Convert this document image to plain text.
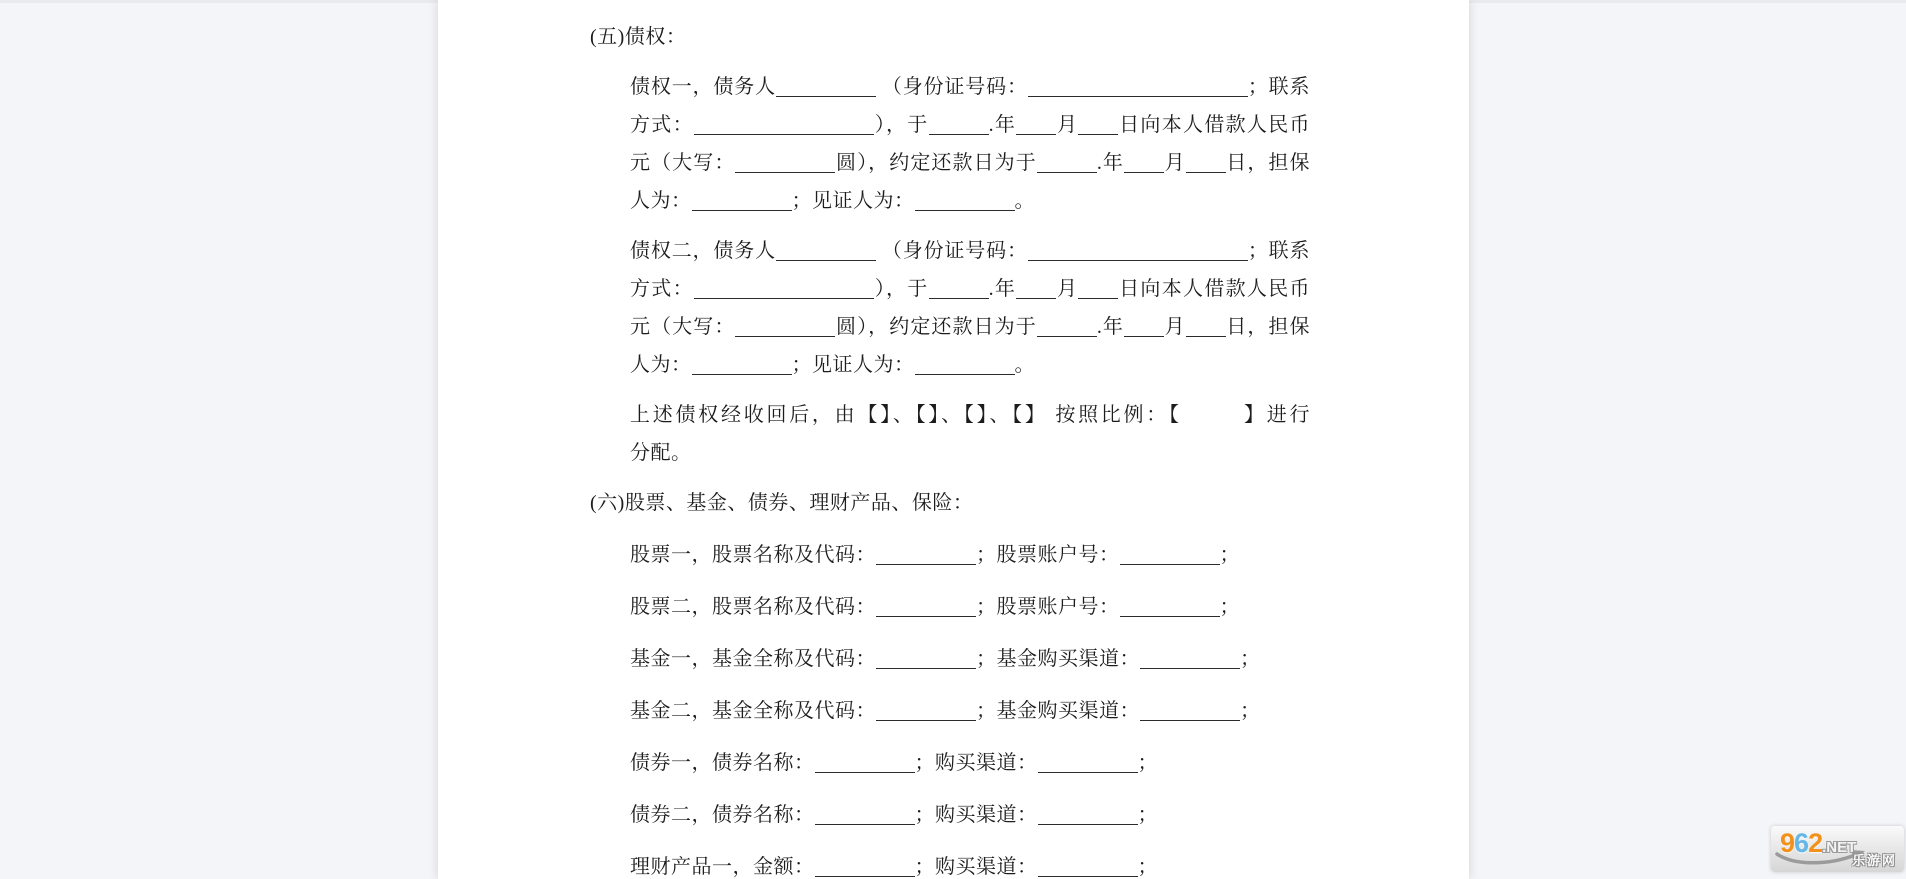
(五)债权：
债权一，债务人	（身份证号码：	；联系
方式：	），于	.年 月 日向本人借款人民币
元（大写：	圆），约定还款日为于	.年 月 日，担保
人为：	；见证人为：	。
债权二，债务人	（身份证号码：	；联系
方式：	），于	.年 月 日向本人借款人民币
元（大写：	圆），约定还款日为于	.年 月 日，担保
人为：	；见证人为：	。
上述债权经收回后，由【】、【】、【】、【】 按照比例：【	】进行
分配。
(六)股票、基金、债券、理财产品、保险：
股票一，股票名称及代码：	；股票账户号：	；
股票二，股票名称及代码：	；股票账户号：	；
基金一，基金全称及代码：	；基金购买渠道：	；
基金二，基金全称及代码：	；基金购买渠道：	；
债券一，债券名称：	；购买渠道：	；
债券二，债券名称：	；购买渠道：	；
理财产品一，金额：	；购买渠道：	；
962.NET
乐游网
